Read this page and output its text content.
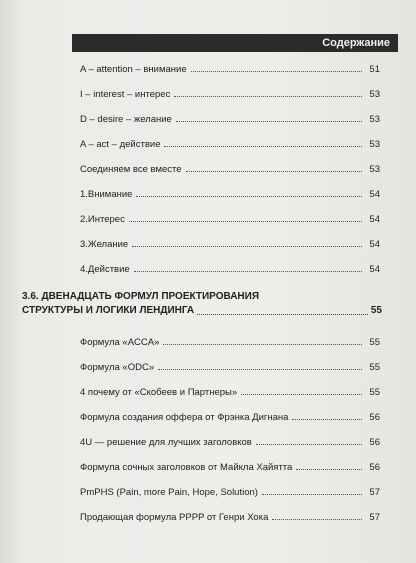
Содержание
A – attention – внимание	51
I – interest – интерес	53
D – desire – желание	53
A – act – действие	53
Соединяем все вместе	53
1.Внимание	54
2.Интерес	54
3.Желание	54
4.Действие	54
3.6. ДВЕНАДЦАТЬ ФОРМУЛ ПРОЕКТИРОВАНИЯ
СТРУКТУРЫ И ЛОГИКИ ЛЕНДИНГА	55
Формула «ACCA»	55
Формула «ODC»	55
4 почему от «Скобеев и Партнеры»	55
Формула создания оффера от Фрэнка Дигнана	56
4U — решение для лучших заголовков	56
Формула сочных заголовков от Майкла Хайятта	56
PmPHS (Pain, more Pain, Hope, Solution)	57
Продающая формула PPPP от Генри Хока	57
